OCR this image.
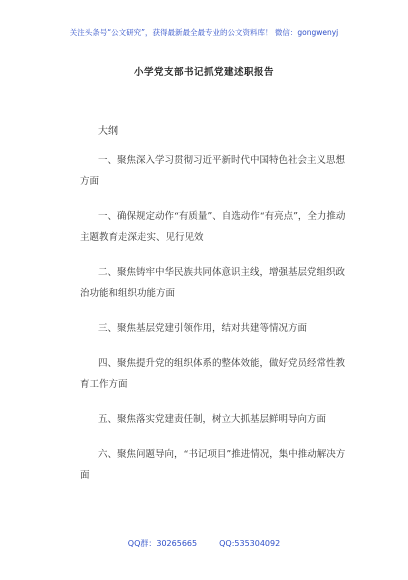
关注头条号“公文研究”，获得最新最全最专业的公文资料库！ 微信：gongwenyj
小学党支部书记抓党建述职报告
大纲
一、聚焦深入学习贯彻习近平新时代中国特色社会主义思想方面
一、确保规定动作“有质量”、自选动作“有亮点”，全力推动主题教育走深走实、见行见效
二、聚焦铸牢中华民族共同体意识主线，增强基层党组织政治功能和组织功能方面
三、聚焦基层党建引领作用，结对共建等情况方面
四、聚焦提升党的组织体系的整体效能，做好党员经常性教育工作方面
五、聚焦落实党建责任制，树立大抓基层鲜明导向方面
六、聚焦问题导向，“书记项目”推进情况，集中推动解决方面
QQ群：30265665	QQ:535304092
